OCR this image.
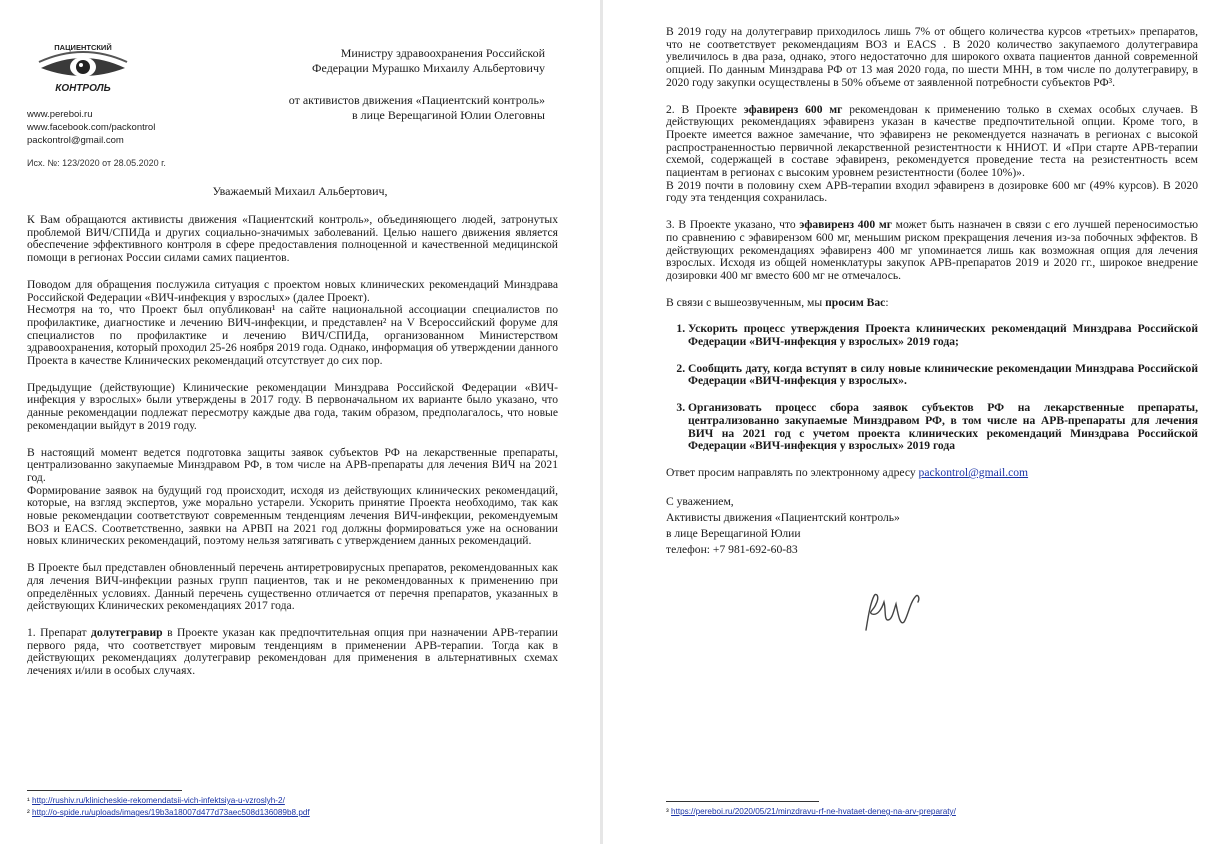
ПАЦИЕНТСКИЙ
КОНТРОЛЬ
www.pereboi.ru
www.facebook.com/packontrol
packontrol@gmail.com
Исх. №: 123/2020 от 28.05.2020 г.
Министру здравоохранения Российской
Федерации Мурашко Михаилу Альбертовичу
от активистов движения «Пациентский контроль»
в лице Верещагиной Юлии Олеговны
Уважаемый Михаил Альбертович,
К Вам обращаются активисты движения «Пациентский контроль», объединяющего людей, затронутых проблемой ВИЧ/СПИДа и других социально-значимых заболеваний. Целью нашего движения является обеспечение эффективного контроля в сфере предоставления полноценной и качественной медицинской помощи в регионах России силами самих пациентов.
Поводом для обращения послужила ситуация с проектом новых клинических рекомендаций Минздрава Российской Федерации «ВИЧ-инфекция у взрослых» (далее Проект).
Несмотря на то, что Проект был опубликован¹ на сайте национальной ассоциации специалистов по профилактике, диагностике и лечению ВИЧ-инфекции, и представлен² на V Всероссийский форуме для специалистов по профилактике и лечению ВИЧ/СПИДа, организованном Министерством здравоохранения, который проходил 25-26 ноября 2019 года. Однако, информация об утверждении данного Проекта в качестве Клинических рекомендаций отсутствует до сих пор.
Предыдущие (действующие) Клинические рекомендации Минздрава Российской Федерации «ВИЧ-инфекция у взрослых» были утверждены в 2017 году. В первоначальном их варианте было указано, что данные рекомендации подлежат пересмотру каждые два года, таким образом, предполагалось, что новые рекомендации выйдут в 2019 году.
В настоящий момент ведется подготовка защиты заявок субъектов РФ на лекарственные препараты, централизованно закупаемые Минздравом РФ, в том числе на АРВ-препараты для лечения ВИЧ на 2021 год.
Формирование заявок на будущий год происходит, исходя из действующих клинических рекомендаций, которые, на взгляд экспертов, уже морально устарели. Ускорить принятие Проекта необходимо, так как новые рекомендации соответствуют современным тенденциям лечения ВИЧ-инфекции, рекомендуемым ВОЗ и EACS. Соответственно, заявки на АРВП на 2021 год должны формироваться уже на основании новых клинических рекомендаций, поэтому нельзя затягивать с утверждением данных рекомендаций.
В Проекте был представлен обновленный перечень антиретровирусных препаратов, рекомендованных как для лечения ВИЧ-инфекции разных групп пациентов, так и не рекомендованных к применению при определённых условиях. Данный перечень существенно отличается от перечня препаратов, указанных в действующих Клинических рекомендациях 2017 года.
1. Препарат долутегравир в Проекте указан как предпочтительная опция при назначении АРВ-терапии первого ряда, что соответствует мировым тенденциям в применении АРВ-терапии. Тогда как в действующих рекомендациях долутегравир рекомендован для применения в альтернативных схемах лечениях и/или в особых случаях.
¹ http://rushiv.ru/klinicheskie-rekomendatsii-vich-infektsiya-u-vzroslyh-2/
² http://o-spide.ru/uploads/images/19b3a18007d477d73aec508d136089b8.pdf
В 2019 году на долутегравир приходилось лишь 7% от общего количества курсов «третьих» препаратов, что не соответствует рекомендациям ВОЗ и EACS . В 2020 количество закупаемого долутегравира увеличилось в два раза, однако, этого недостаточно для широкого охвата пациентов данной современной опцией. По данным Минздрава РФ от 13 мая 2020 года, по шести МНН, в том числе по долутегравиру, в 2020 году закупки осуществлены в 50% объеме от заявленной потребности субъектов РФ³.
2. В Проекте эфавиренз 600 мг рекомендован к применению только в схемах особых случаев. В действующих рекомендациях эфавиренз указан в качестве предпочтительной опции. Кроме того, в Проекте имеется важное замечание, что эфавиренз не рекомендуется назначать в регионах с высокой распространенностью первичной лекарственной резистентности к ННИОТ. И «При старте АРВ-терапии схемой, содержащей в составе эфавиренз, рекомендуется проведение теста на резистентность всем пациентам в регионах с высоким уровнем резистентности (более 10%)».
В 2019 почти в половину схем АРВ-терапии входил эфавиренз в дозировке 600 мг (49% курсов). В 2020 году эта тенденция сохранилась.
3. В Проекте указано, что эфавиренз 400 мг может быть назначен в связи с его лучшей переносимостью по сравнению с эфавирензом 600 мг, меньшим риском прекращения лечения из-за побочных эффектов. В действующих рекомендациях эфавиренз 400 мг упоминается лишь как возможная опция для лечения взрослых. Исходя из общей номенклатуры закупок АРВ-препаратов 2019 и 2020 гг., широкое внедрение дозировки 400 мг вместо 600 мг не отмечалось.
В связи с вышеозвученным, мы просим Вас:
1. Ускорить процесс утверждения Проекта клинических рекомендаций Минздрава Российской Федерации «ВИЧ-инфекция у взрослых» 2019 года;
2. Сообщить дату, когда вступят в силу новые клинические рекомендации Минздрава Российской Федерации «ВИЧ-инфекция у взрослых».
3. Организовать процесс сбора заявок субъектов РФ на лекарственные препараты, централизованно закупаемые Минздравом РФ, в том числе на АРВ-препараты для лечения ВИЧ на 2021 год с учетом проекта клинических рекомендаций Минздрава Российской Федерации «ВИЧ-инфекция у взрослых» 2019 года
Ответ просим направлять по электронному адресу packontrol@gmail.com
С уважением,
Активисты движения «Пациентский контроль»
в лице Верещагиной Юлии
телефон: +7 981-692-60-83
³ https://pereboi.ru/2020/05/21/minzdravu-rf-ne-hvataet-deneg-na-arv-preparaty/
